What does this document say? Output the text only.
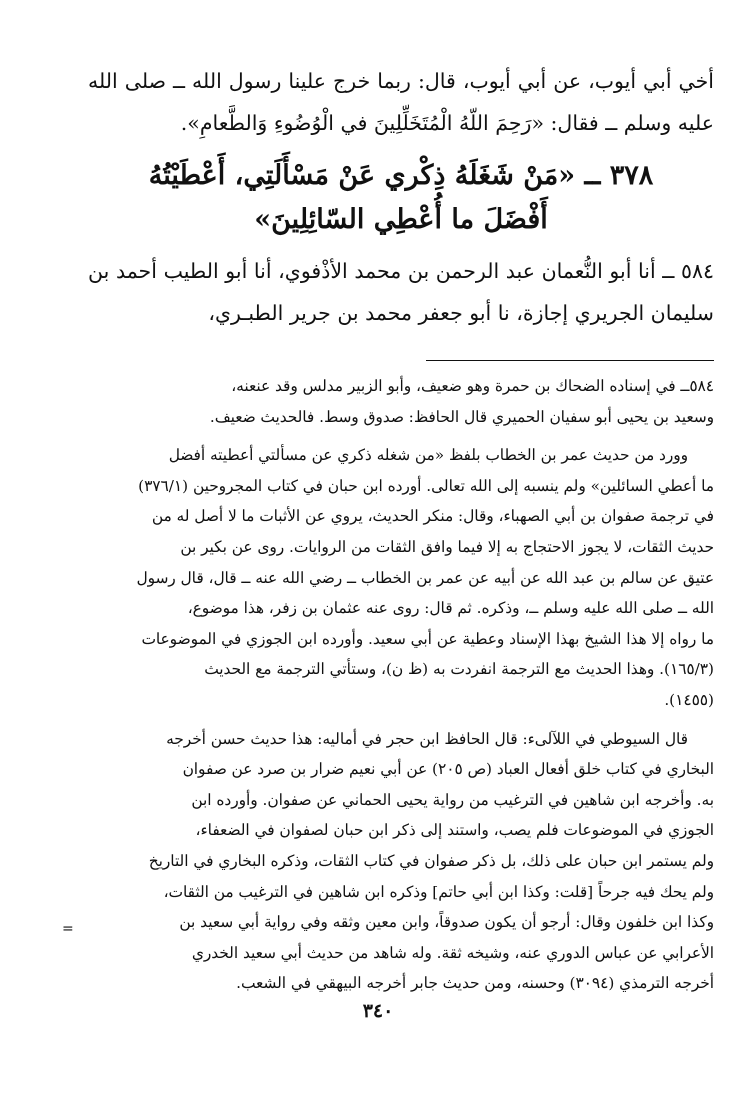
أخي أبي أيوب، عن أبي أيوب، قال: ربما خرج علينا رسول الله ــ صلى الله عليه وسلم ــ فقال: «رَحِمَ اللّهُ الْمُتَخَلِّلِينَ في الْوُضُوءِ وَالطَّعامِ».

٣٧٨ ــ «مَنْ شَغَلَهُ ذِكْري عَنْ مَسْأَلَتِي، أَعْطَيْتُهُ
أَفْضَلَ ما أُعْطِي السّائِلِينَ»

٥٨٤ ــ أنا أبو النُّعمان عبد الرحمن بن محمد الأذْفوي، أنا أبو الطيب أحمد بن سليمان الجريري إجازة، نا أبو جعفر محمد بن جرير الطبـري،

٥٨٤ــ في إسناده الضحاك بن حمرة وهو ضعيف، وأبو الزبير مدلس وقد عنعنه،
وسعيد بن يحيى أبو سفيان الحميري قال الحافظ: صدوق وسط. فالحديث ضعيف.

وورد من حديث عمر بن الخطاب بلفظ «من شغله ذكري عن مسألتي أعطيته أفضل
ما أعطي السائلين» ولم ينسبه إلى الله تعالى. أورده ابن حبان في كتاب المجروحين (٣٧٦/١)
في ترجمة صفوان بن أبي الصهباء، وقال: منكر الحديث، يروي عن الأثبات ما لا أصل له من
حديث الثقات، لا يجوز الاحتجاج به إلا فيما وافق الثقات من الروايات. روى عن بكير بن
عتيق عن سالم بن عبد الله عن أبيه عن عمر بن الخطاب ــ رضي الله عنه ــ قال، قال رسول
الله ــ صلى الله عليه وسلم ــ، وذكره. ثم قال: روى عنه عثمان بن زفر، هذا موضوع،
ما رواه إلا هذا الشيخ بهذا الإسناد وعطية عن أبي سعيد. وأورده ابن الجوزي في الموضوعات
(١٦٥/٣). وهذا الحديث مع الترجمة انفردت به (ظ ن)، وستأتي الترجمة مع الحديث
(١٤٥٥).

قال السيوطي في اللآلىء: قال الحافظ ابن حجر في أماليه: هذا حديث حسن أخرجه
البخاري في كتاب خلق أفعال العباد (ص ٢٠٥) عن أبي نعيم ضرار بن صرد عن صفوان
به. وأخرجه ابن شاهين في الترغيب من رواية يحيى الحماني عن صفوان. وأورده ابن
الجوزي في الموضوعات فلم يصب، واستند إلى ذكر ابن حبان لصفوان في الضعفاء،
ولم يستمر ابن حبان على ذلك، بل ذكر صفوان في كتاب الثقات، وذكره البخاري في التاريخ
ولم يحك فيه جرحاً [قلت: وكذا ابن أبي حاتم] وذكره ابن شاهين في الترغيب من الثقات،
وكذا ابن خلفون وقال: أرجو أن يكون صدوقاً، وابن معين وثقه وفي رواية أبي سعيد بن
الأعرابي عن عباس الدوري عنه، وشيخه ثقة. وله شاهد من حديث أبي سعيد الخدري
أخرجه الترمذي (٣٠٩٤) وحسنه، ومن حديث جابر أخرجه البيهقي في الشعب.

=
٣٤٠
